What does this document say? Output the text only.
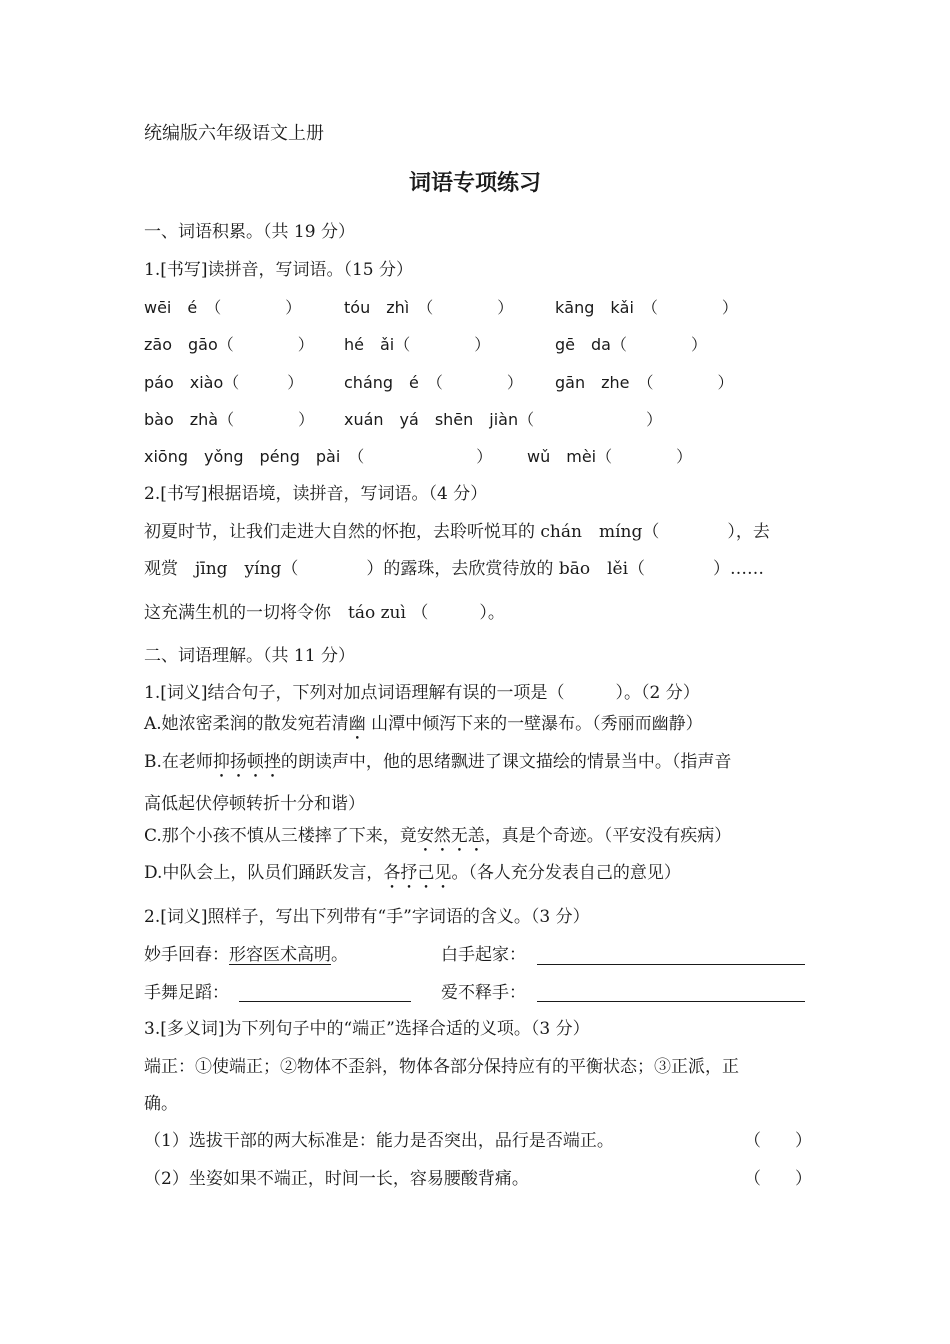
统编版六年级语文上册
词语专项练习
一、词语积累。（共 19 分）
1.[书写]读拼音，写词语。（15 分）
wēi　é　（　　　　）	tóu　zhì　（　　　　）	kāng　kǎi　（　　　　）
zāo　gāo（　　　　） hé　ǎi（　　　　）	gē　da（　　　　）
páo　xiào（　　　）	cháng　é　（　　　　） gān　zhe　（　　　　）
bào　zhà（　　　　） xuán　yá　shēn　jiàn（　　　　　　　）
xiōng　yǒng　péng　pài　（　　　　　　　） wǔ　mèi（　　　　）
2.[书写]根据语境，读拼音，写词语。（4 分）
初夏时节，让我们走进大自然的怀抱，去聆听悦耳的 chán　míng（　　　　），去
观赏　jīng　yíng（　　　　）的露珠，去欣赏待放的 bāo　lěi（　　　　）……
这充满生机的一切将令你　táo zuì （　　　）。
二、词语理解。（共 11 分）
1.[词义]结合句子，下列对加点词语理解有误的一项是（　　　）。（2 分）
A.她浓密柔润的散发宛若清幽 山潭中倾泻下来的一壁瀑布。（秀丽而幽静）
B.在老师抑扬顿挫的朗读声中，他的思绪飘进了课文描绘的情景当中。（指声音
高低起伏停顿转折十分和谐）
C.那个小孩不慎从三楼摔了下来，竟安然无恙，真是个奇迹。（平安没有疾病）
D.中队会上，队员们踊跃发言，各抒己见。（各人充分发表自己的意见）
2.[词义]照样子，写出下列带有“手”字词语的含义。（3 分）
妙手回春：形容医术高明。	白手起家：
手舞足蹈：	爱不释手：
3.[多义词]为下列句子中的“端正”选择合适的义项。（3 分）
端正：①使端正；②物体不歪斜，物体各部分保持应有的平衡状态；③正派，正
确。
（1）选拔干部的两大标准是：能力是否突出，品行是否端正。	（　　）
（2）坐姿如果不端正，时间一长，容易腰酸背痛。	（　　）
